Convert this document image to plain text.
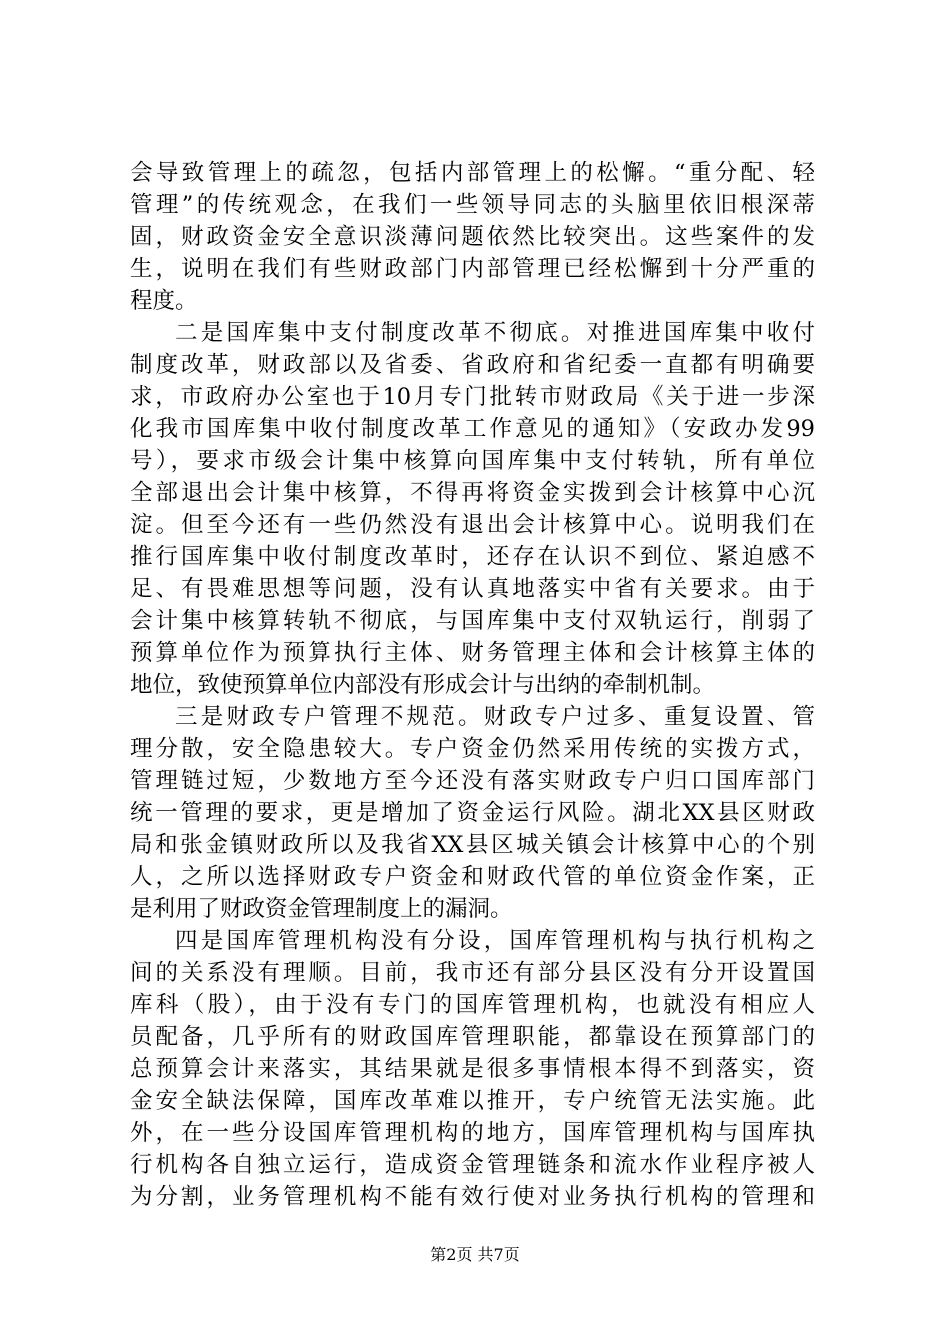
会导致管理上的疏忽，包括内部管理上的松懈。“重分配、轻
管理”的传统观念，在我们一些领导同志的头脑里依旧根深蒂
固，财政资金安全意识淡薄问题依然比较突出。这些案件的发
生，说明在我们有些财政部门内部管理已经松懈到十分严重的
程度。
二是国库集中支付制度改革不彻底。对推进国库集中收付
制度改革，财政部以及省委、省政府和省纪委一直都有明确要
求，市政府办公室也于10月专门批转市财政局《关于进一步深
化我市国库集中收付制度改革工作意见的通知》（安政办发99
号），要求市级会计集中核算向国库集中支付转轨，所有单位
全部退出会计集中核算，不得再将资金实拨到会计核算中心沉
淀。但至今还有一些仍然没有退出会计核算中心。说明我们在
推行国库集中收付制度改革时，还存在认识不到位、紧迫感不
足、有畏难思想等问题，没有认真地落实中省有关要求。由于
会计集中核算转轨不彻底，与国库集中支付双轨运行，削弱了
预算单位作为预算执行主体、财务管理主体和会计核算主体的
地位，致使预算单位内部没有形成会计与出纳的牵制机制。
三是财政专户管理不规范。财政专户过多、重复设置、管
理分散，安全隐患较大。专户资金仍然采用传统的实拨方式，
管理链过短，少数地方至今还没有落实财政专户归口国库部门
统一管理的要求，更是增加了资金运行风险。湖北XX县区财政
局和张金镇财政所以及我省XX县区城关镇会计核算中心的个别
人，之所以选择财政专户资金和财政代管的单位资金作案，正
是利用了财政资金管理制度上的漏洞。
四是国库管理机构没有分设，国库管理机构与执行机构之
间的关系没有理顺。目前，我市还有部分县区没有分开设置国
库科（股），由于没有专门的国库管理机构，也就没有相应人
员配备，几乎所有的财政国库管理职能，都靠设在预算部门的
总预算会计来落实，其结果就是很多事情根本得不到落实，资
金安全缺法保障，国库改革难以推开，专户统管无法实施。此
外，在一些分设国库管理机构的地方，国库管理机构与国库执
行机构各自独立运行，造成资金管理链条和流水作业程序被人
为分割，业务管理机构不能有效行使对业务执行机构的管理和
第2页 共7页
